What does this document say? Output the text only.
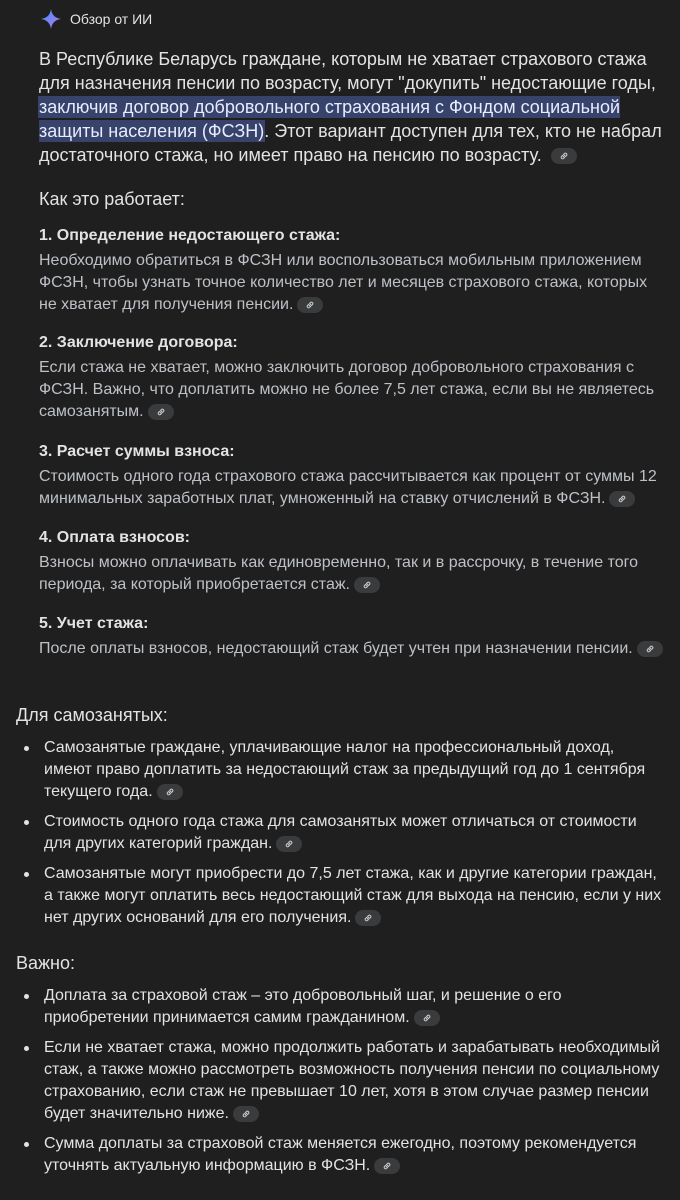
Обзор от ИИ
В Республике Беларусь граждане, которым не хватает страхового стажа для назначения пенсии по возрасту, могут "докупить" недостающие годы, заключив договор добровольного страхования с Фондом социальной защиты населения (ФСЗН). Этот вариант доступен для тех, кто не набрал достаточного стажа, но имеет право на пенсию по возрасту.
Как это работает:
1. Определение недостающего стажа:
Необходимо обратиться в ФСЗН или воспользоваться мобильным приложением ФСЗН, чтобы узнать точное количество лет и месяцев страхового стажа, которых не хватает для получения пенсии.
2. Заключение договора:
Если стажа не хватает, можно заключить договор добровольного страхования с ФСЗН. Важно, что доплатить можно не более 7,5 лет стажа, если вы не являетесь самозанятым.
3. Расчет суммы взноса:
Стоимость одного года страхового стажа рассчитывается как процент от суммы 12 минимальных заработных плат, умноженный на ставку отчислений в ФСЗН.
4. Оплата взносов:
Взносы можно оплачивать как единовременно, так и в рассрочку, в течение того периода, за который приобретается стаж.
5. Учет стажа:
После оплаты взносов, недостающий стаж будет учтен при назначении пенсии.
Для самозанятых:
Самозанятые граждане, уплачивающие налог на профессиональный доход, имеют право доплатить за недостающий стаж за предыдущий год до 1 сентября текущего года.
Стоимость одного года стажа для самозанятых может отличаться от стоимости для других категорий граждан.
Самозанятые могут приобрести до 7,5 лет стажа, как и другие категории граждан, а также могут оплатить весь недостающий стаж для выхода на пенсию, если у них нет других оснований для его получения.
Важно:
Доплата за страховой стаж – это добровольный шаг, и решение о его приобретении принимается самим гражданином.
Если не хватает стажа, можно продолжить работать и зарабатывать необходимый стаж, а также можно рассмотреть возможность получения пенсии по социальному страхованию, если стаж не превышает 10 лет, хотя в этом случае размер пенсии будет значительно ниже.
Сумма доплаты за страховой стаж меняется ежегодно, поэтому рекомендуется уточнять актуальную информацию в ФСЗН.
